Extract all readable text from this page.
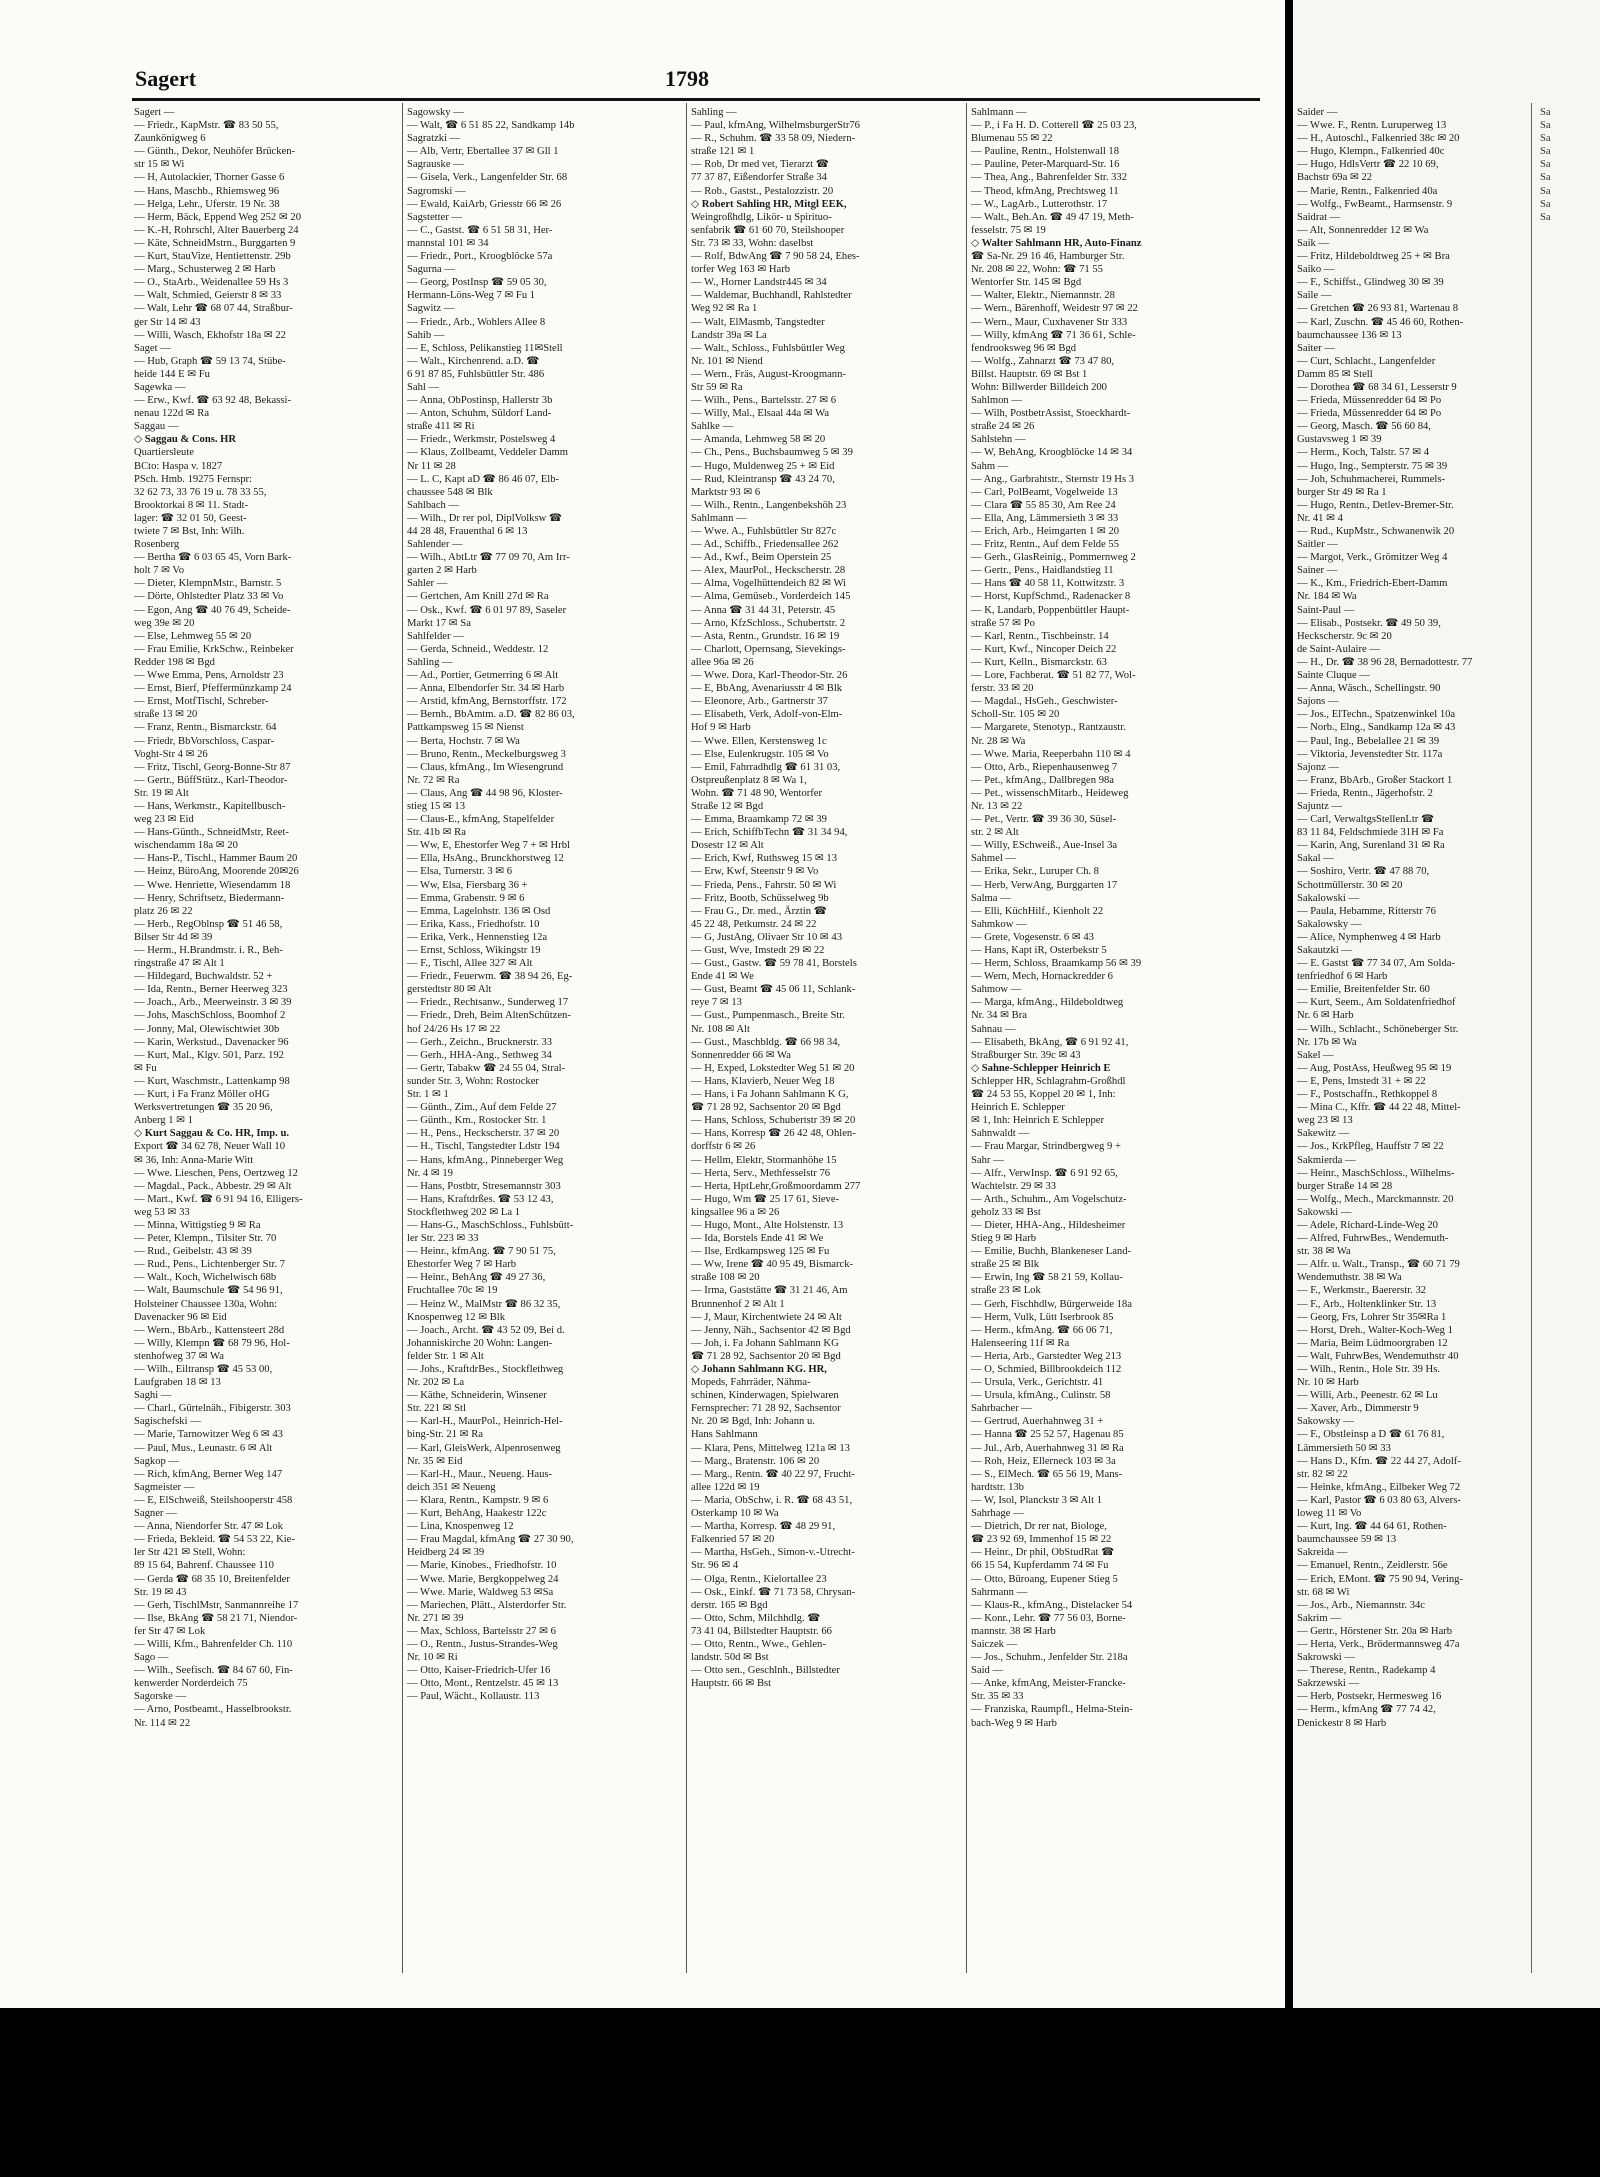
Sagert	1798
Sagert —
— Friedr., KapMstr. ☎ 83 50 55,
Zaunkönigweg 6
— Günth., Dekor, Neuhöfer Brücken-
str 15 ✉ Wi
— H, Autolackier, Thorner Gasse 6
— Hans, Maschb., Rhiemsweg 96
— Helga, Lehr., Uferstr. 19 Nr. 38
— Herm, Bäck, Eppend Weg 252 ✉ 20
— K.-H, Rohrschl, Alter Bauerberg 24
— Käte, SchneidMstrn., Burggarten 9
— Kurt, StauVize, Hentiettenstr. 29b
— Marg., Schusterweg 2 ✉ Harb
— O., StaArb., Weidenallee 59 Hs 3
— Walt, Schmied, Geierstr 8 ✉ 33
— Walt, Lehr ☎ 68 07 44, Straßbur-
ger Str 14 ✉ 43
— Willi, Wasch, Ekhofstr 18a ✉ 22
Saget —
— Hub, Graph ☎ 59 13 74, Stübe-
heide 144 E ✉ Fu
Sagewka —
— Erw., Kwf. ☎ 63 92 48, Bekassi-
nenau 122d ✉ Ra
Saggau —
◇ Saggau & Cons. HR
Quartiersleute
BCto: Haspa v. 1827
PSch. Hmb. 19275 Fernspr:
32 62 73, 33 76 19 u. 78 33 55,
Brooktorkai 8 ✉ 11. Stadt-
lager: ☎ 32 01 50, Geest-
twiete 7 ✉ Bst, Inh: Wilh.
Rosenberg
— Bertha ☎ 6 03 65 45, Vorn Bark-
holt 7 ✉ Vo
— Dieter, KlempnMstr., Barnstr. 5
— Dörte, Ohlstedter Platz 33 ✉ Vo
— Egon, Ang ☎ 40 76 49, Scheide-
weg 39e ✉ 20
— Else, Lehmweg 55 ✉ 20
— Frau Emilie, KrkSchw., Reinbeker
Redder 198 ✉ Bgd
— Wwe Emma, Pens, Arnoldstr 23
— Ernst, Bierf, Pfeffermünzkamp 24
— Ernst, MotfTischl, Schreber-
straße 13 ✉ 20
— Franz, Rentn., Bismarckstr. 64
— Friedr, BbVorschloss, Caspar-
Voght-Str 4 ✉ 26
— Fritz, Tischl, Georg-Bonne-Str 87
— Gertr., BüffStütz., Karl-Theodor-
Str. 19 ✉ Alt
— Hans, Werkmstr., Kapitellbusch-
weg 23 ✉ Eid
— Hans-Günth., SchneidMstr, Reet-
wischendamm 18a ✉ 20
— Hans-P., Tischl., Hammer Baum 20
— Heinz, BüroAng, Moorende 20✉26
— Wwe. Henriette, Wiesendamm 18
— Henry, Schriftsetz, Biedermann-
platz 26 ✉ 22
— Herb., RegOblnsp ☎ 51 46 58,
Bilser Str 4d ✉ 39
— Herm., H.Brandmstr. i. R., Beh-
ringstraße 47 ✉ Alt 1
— Hildegard, Buchwaldstr. 52 +
— Ida, Rentn., Berner Heerweg 323
— Joach., Arb., Meerweinstr. 3 ✉ 39
— Johs, MaschSchloss, Boomhof 2
— Jonny, Mal, Olewischtwiet 30b
— Karin, Werkstud., Davenacker 96
— Kurt, Mal., Klgv. 501, Parz. 192
✉ Fu
— Kurt, Waschmstr., Lattenkamp 98
— Kurt, i Fa Franz Möller oHG
Werksvertretungen ☎ 35 20 96,
Anberg 1 ✉ 1
◇ Kurt Saggau & Co. HR, Imp. u.
Export ☎ 34 62 78, Neuer Wall 10
✉ 36, Inh: Anna-Marie Witt
— Wwe. Lieschen, Pens, Oertzweg 12
— Magdal., Pack., Abbestr. 29 ✉ Alt
— Mart., Kwf. ☎ 6 91 94 16, Elligers-
weg 53 ✉ 33
— Minna, Wittigstieg 9 ✉ Ra
— Peter, Klempn., Tilsiter Str. 70
— Rud., Geibelstr. 43 ✉ 39
— Rud., Pens., Lichtenberger Str. 7
— Walt., Koch, Wichelwisch 68b
— Walt, Baumschule ☎ 54 96 91,
Holsteiner Chaussee 130a, Wohn:
Davenacker 96 ✉ Eid
— Wern., BbArb., Kattensteert 28d
— Willy, Klempn ☎ 68 79 96, Hol-
stenhofweg 37 ✉ Wa
— Wilh., Eiltransp ☎ 45 53 00,
Laufgraben 18 ✉ 13
Saghi —
— Charl., Gürtelnäh., Fibigerstr. 303
Sagischefski —
— Marie, Tarnowitzer Weg 6 ✉ 43
— Paul, Mus., Leunastr. 6 ✉ Alt
Sagkop —
— Rich, kfmAng, Berner Weg 147
Sagmeister —
— E, ElSchweiß, Steilshooperstr 458
Sagner —
— Anna, Niendorfer Str. 47 ✉ Lok
— Frieda, Bekleid. ☎ 54 53 22, Kie-
ler Str 421 ✉ Stell, Wohn:
89 15 64, Bahrenf. Chaussee 110
— Gerda ☎ 68 35 10, Breitenfelder
Str. 19 ✉ 43
— Gerh, TischlMstr, Sanmannreihe 17
— Ilse, BkAng ☎ 58 21 71, Niendor-
fer Str 47 ✉ Lok
— Willi, Kfm., Bahrenfelder Ch. 110
Sago —
— Wilh., Seefisch. ☎ 84 67 60, Fin-
kenwerder Norderdeich 75
Sagorske —
— Arno, Postbeamt., Hasselbrookstr.
Nr. 114 ✉ 22
Sagowsky —
— Walt, ☎ 6 51 85 22, Sandkamp 14b
Sagratzki —
— Alb, Vertr, Ebertallee 37 ✉ Gll 1
Sagrauske —
— Gisela, Verk., Langenfelder Str. 68
Sagromski —
— Ewald, KaiArb, Griesstr 66 ✉ 26
Sagstetter —
— C., Gastst. ☎ 6 51 58 31, Her-
mannstal 101 ✉ 34
— Friedr., Port., Kroogblöcke 57a
Sagurna —
— Georg, PostInsp ☎ 59 05 30,
Hermann-Löns-Weg 7 ✉ Fu 1
Sagwitz —
— Friedr., Arb., Wohlers Allee 8
Sahib —
— E, Schloss, Pelikanstieg 11✉Stell
— Walt., Kirchenrend. a.D. ☎
6 91 87 85, Fuhlsbüttler Str. 486
Sahl —
— Anna, ObPostinsp, Hallerstr 3b
— Anton, Schuhm, Süldorf Land-
straße 411 ✉ Ri
— Friedr., Werkmstr, Postelsweg 4
— Klaus, Zollbeamt, Veddeler Damm
Nr 11 ✉ 28
— L. C, Kapt aD ☎ 86 46 07, Elb-
chaussee 548 ✉ Blk
Sahlbach —
— Wilh., Dr rer pol, DiplVolksw ☎
44 28 48, Frauenthal 6 ✉ 13
Sahlender —
— Wilh., AbtLtr ☎ 77 09 70, Am Irr-
garten 2 ✉ Harb
Sahler —
— Gertchen, Am Knill 27d ✉ Ra
— Osk., Kwf. ☎ 6 01 97 89, Saseler
Markt 17 ✉ Sa
Sahlfelder —
— Gerda, Schneid., Weddestr. 12
Sahling —
— Ad., Portier, Getmerring 6 ✉ Alt
— Anna, Elbendorfer Str. 34 ✉ Harb
— Arstid, kfmAng, Bernstorffstr. 172
— Bernh., BbAmtm. a.D. ☎ 82 86 03,
Pattkampsweg 15 ✉ Nienst
— Berta, Hochstr. 7 ✉ Wa
— Bruno, Rentn., Meckelburgsweg 3
— Claus, kfmAng., Im Wiesengrund
Nr. 72 ✉ Ra
— Claus, Ang ☎ 44 98 96, Kloster-
stieg 15 ✉ 13
— Claus-E., kfmAng, Stapelfelder
Str. 41b ✉ Ra
— Ww, E, Ehestorfer Weg 7 + ✉ Hrbl
— Ella, HsAng., Brunckhorstweg 12
— Elsa, Turnerstr. 3 ✉ 6
— Ww, Elsa, Fiersbarg 36 +
— Emma, Grabenstr. 9 ✉ 6
— Emma, Lagelohstr. 136 ✉ Osd
— Erika, Kass., Friedhofstr. 10
— Erika, Verk., Hennenstieg 12a
— Ernst, Schloss, Wikingstr 19
— F., Tischl, Allee 327 ✉ Alt
— Friedr., Feuerwm. ☎ 38 94 26, Eg-
gerstedtstr 80 ✉ Alt
— Friedr., Rechtsanw., Sunderweg 17
— Friedr., Dreh, Beim AltenSchützen-
hof 24/26 Hs 17 ✉ 22
— Gerh., Zeichn., Brucknerstr. 33
— Gerh., HHA-Ang., Sethweg 34
— Gertr, Tabakw ☎ 24 55 04, Stral-
sunder Str. 3, Wohn: Rostocker
Str. 1 ✉ 1
— Günth., Zim., Auf dem Felde 27
— Günth., Km., Rostocker Str. 1
— H., Pens., Heckscherstr. 37 ✉ 20
— H., Tischl, Tangstedter Ldstr 194
— Hans, kfmAng., Pinneberger Weg
Nr. 4 ✉ 19
— Hans, Postbtr, Stresemannstr 303
— Hans, Kraftdrßes. ☎ 53 12 43,
Stockflethweg 202 ✉ La 1
— Hans-G., MaschSchloss., Fuhlsbütt-
ler Str. 223 ✉ 33
— Heinr., kfmAng. ☎ 7 90 51 75,
Ehestorfer Weg 7 ✉ Harb
— Heinr., BehAng ☎ 49 27 36,
Fruchtallee 70c ✉ 19
— Heinz W., MalMstr ☎ 86 32 35,
Knospenweg 12 ✉ Blk
— Joach., Archt. ☎ 43 52 09, Bei d.
Johanniskirche 20 Wohn: Langen-
felder Str. 1 ✉ Alt
— Johs., KraftdrBes., Stockflethweg
Nr. 202 ✉ La
— Käthe, Schneiderin, Winsener
Str. 221 ✉ Stl
— Karl-H., MaurPol., Heinrich-Hel-
bing-Str. 21 ✉ Ra
— Karl, GleisWerk, Alpenrosenweg
Nr. 35 ✉ Eid
— Karl-H., Maur., Neueng. Haus-
deich 351 ✉ Neueng
— Klara, Rentn., Kampstr. 9 ✉ 6
— Kurt, BehAng, Haakestr 122c
— Lina, Knospenweg 12
— Frau Magdal, kfmAng ☎ 27 30 90,
Heidberg 24 ✉ 39
— Marie, Kinobes., Friedhofstr. 10
— Wwe. Marie, Bergkoppelweg 24
— Wwe. Marie, Waldweg 53 ✉Sa
— Mariechen, Plätt., Alsterdorfer Str.
Nr. 271 ✉ 39
— Max, Schloss, Bartelsstr 27 ✉ 6
— O., Rentn., Justus-Strandes-Weg
Nr. 10 ✉ Ri
— Otto, Kaiser-Friedrich-Ufer 16
— Otto, Mont., Rentzelstr. 45 ✉ 13
— Paul, Wächt., Kollaustr. 113
Sahling —
— Paul, kfmAng, WilhelmsburgerStr76
— R., Schuhm. ☎ 33 58 09, Niedern-
straße 121 ✉ 1
— Rob, Dr med vet, Tierarzt ☎
77 37 87, Eißendorfer Straße 34
— Rob., Gastst., Pestalozzistr. 20
◇ Robert Sahling HR, Mitgl EEK,
Weingroßhdlg, Likör- u Spirituo-
senfabrik ☎ 61 60 70, Steilshooper
Str. 73 ✉ 33, Wohn: daselbst
— Rolf, BdwAng ☎ 7 90 58 24, Ehes-
torfer Weg 163 ✉ Harb
— W., Horner Landstr445 ✉ 34
— Waldemar, Buchhandl, Rahlstedter
Weg 92 ✉ Ra 1
— Walt, ElMasmb, Tangstedter
Landstr 39a ✉ La
— Walt., Schloss., Fuhlsbüttler Weg
Nr. 101 ✉ Niend
— Wern., Fräs, August-Kroogmann-
Str 59 ✉ Ra
— Wilh., Pens., Bartelsstr. 27 ✉ 6
— Willy, Mal., Elsaal 44a ✉ Wa
Sahlke —
— Amanda, Lehmweg 58 ✉ 20
— Ch., Pens., Buchsbaumweg 5 ✉ 39
— Hugo, Muldenweg 25 + ✉ Eid
— Rud, Kleintransp ☎ 43 24 70,
Marktstr 93 ✉ 6
— Wilh., Rentn., Langenbekshöh 23
Sahlmann —
— Wwe. A., Fuhlsbüttler Str 827c
— Ad., Schiffb., Friedensallee 262
— Ad., Kwf., Beim Operstein 25
— Alex, MaurPol., Heckscherstr. 28
— Alma, Vogelhüttendeich 82 ✉ Wi
— Alma, Gemüseb., Vorderdeich 145
— Anna ☎ 31 44 31, Peterstr. 45
— Arno, KfzSchloss., Schubertstr. 2
— Asta, Rentn., Grundstr. 16 ✉ 19
— Charlott, Opernsang, Sievekings-
allee 96a ✉ 26
— Wwe. Dora, Karl-Theodor-Str. 26
— E, BbAng, Avenariusstr 4 ✉ Blk
— Eleonore, Arb., Gartnerstr 37
— Elisabeth, Verk, Adolf-von-Elm-
Hof 9 ✉ Harb
— Wwe. Ellen, Kerstensweg 1c
— Else, Eulenkrugstr. 105 ✉ Vo
— Emil, Fahrradhdlg ☎ 61 31 03,
Ostpreußenplatz 8 ✉ Wa 1,
Wohn. ☎ 71 48 90, Wentorfer
Straße 12 ✉ Bgd
— Emma, Braamkamp 72 ✉ 39
— Erich, SchiffbTechn ☎ 31 34 94,
Dosestr 12 ✉ Alt
— Erich, Kwf, Ruthsweg 15 ✉ 13
— Erw, Kwf, Steenstr 9 ✉ Vo
— Frieda, Pens., Fahrstr. 50 ✉ Wi
— Fritz, Bootb, Schüsselweg 9b
— Frau G., Dr. med., Ärztin ☎
45 22 48, Petkumstr. 24 ✉ 22
— G, JustAng, Olivaer Str 10 ✉ 43
— Gust, Wve, Imstedt 29 ✉ 22
— Gust., Gastw. ☎ 59 78 41, Borstels
Ende 41 ✉ We
— Gust, Beamt ☎ 45 06 11, Schlank-
reye 7 ✉ 13
— Gust., Pumpenmasch., Breite Str.
Nr. 108 ✉ Alt
— Gust., Maschbldg. ☎ 66 98 34,
Sonnenredder 66 ✉ Wa
— H, Exped, Lokstedter Weg 51 ✉ 20
— Hans, Klavierb, Neuer Weg 18
— Hans, i Fa Johann Sahlmann K G,
☎ 71 28 92, Sachsentor 20 ✉ Bgd
— Hans, Schloss, Schubertstr 39 ✉ 20
— Hans, Korresp ☎ 26 42 48, Ohlen-
dorffstr 6 ✉ 26
— Hellm, Elektr, Stormanhöhe 15
— Herta, Serv., Methfesselstr 76
— Herta, HptLehr,Großmoordamm 277
— Hugo, Wm ☎ 25 17 61, Sieve-
kingsallee 96 a ✉ 26
— Hugo, Mont., Alte Holstenstr. 13
— Ida, Borstels Ende 41 ✉ We
— Ilse, Erdkampsweg 125 ✉ Fu
— Ww, Irene ☎ 40 95 49, Bismarck-
straße 108 ✉ 20
— Irma, Gaststätte ☎ 31 21 46, Am
Brunnenhof 2 ✉ Alt 1
— J, Maur, Kirchentwiete 24 ✉ Alt
— Jenny, Näh., Sachsentor 42 ✉ Bgd
— Joh, i. Fa Johann Sahlmann KG
☎ 71 28 92, Sachsentor 20 ✉ Bgd
◇ Johann Sahlmann KG. HR,
Mopeds, Fahrräder, Nähma-
schinen, Kinderwagen, Spielwaren
Fernsprecher: 71 28 92, Sachsentor
Nr. 20 ✉ Bgd, Inh: Johann u.
Hans Sahlmann
— Klara, Pens, Mittelweg 121a ✉ 13
— Marg., Bratenstr. 106 ✉ 20
— Marg., Rentn. ☎ 40 22 97, Frucht-
allee 122d ✉ 19
— Maria, ObSchw, i. R. ☎ 68 43 51,
Osterkamp 10 ✉ Wa
— Martha, Korresp. ☎ 48 29 91,
Falkenried 57 ✉ 20
— Martha, HsGeh., Simon-v.-Utrecht-
Str. 96 ✉ 4
— Olga, Rentn., Kielortallee 23
— Osk., Einkf. ☎ 71 73 58, Chrysan-
derstr. 165 ✉ Bgd
— Otto, Schm, Milchhdlg. ☎
73 41 04, Billstedter Hauptstr. 66
— Otto, Rentn., Wwe., Gehlen-
landstr. 50d ✉ Bst
— Otto sen., Geschlnh., Billstedter
Hauptstr. 66 ✉ Bst
Sahlmann —
— P., i Fa H. D. Cotterell ☎ 25 03 23,
Blumenau 55 ✉ 22
— Pauline, Rentn., Holstenwall 18
— Pauline, Peter-Marquard-Str. 16
— Thea, Ang., Bahrenfelder Str. 332
— Theod, kfmAng, Prechtsweg 11
— W., LagArb., Lutterothstr. 17
— Walt., Beh.An. ☎ 49 47 19, Meth-
fesselstr. 75 ✉ 19
◇ Walter Sahlmann HR, Auto-Finanz
☎ Sa-Nr. 29 16 46, Hamburger Str.
Nr. 208 ✉ 22, Wohn: ☎ 71 55
Wentorfer Str. 145 ✉ Bgd
— Walter, Elektr., Niemannstr. 28
— Wern., Bärenhoff, Weidestr 97 ✉ 22
— Wern., Maur, Cuxhavener Str 333
— Willy, kfmAng ☎ 71 36 61, Schle-
fendrooksweg 96 ✉ Bgd
— Wolfg., Zahnarzt ☎ 73 47 80,
Billst. Hauptstr. 69 ✉ Bst 1
Wohn: Billwerder Billdeich 200
Sahlmon —
— Wilh, PostbetrAssist, Stoeckhardt-
straße 24 ✉ 26
Sahlstehn —
— W, BehAng, Kroogblöcke 14 ✉ 34
Sahm —
— Ang., Garbrahtstr., Sternstr 19 Hs 3
— Carl, PolBeamt, Vogelweide 13
— Clara ☎ 55 85 30, Am Ree 24
— Ella, Ang, Lämmersieth 3 ✉ 33
— Erich, Arb., Heimgarten 1 ✉ 20
— Fritz, Rentn., Auf dem Felde 55
— Gerh., GlasReinig., Pommernweg 2
— Gertr., Pens., Haidlandstieg 11
— Hans ☎ 40 58 11, Kottwitzstr. 3
— Horst, KupfSchmd., Radenacker 8
— K, Landarb, Poppenbüttler Haupt-
straße 57 ✉ Po
— Karl, Rentn., Tischbeinstr. 14
— Kurt, Kwf., Nincoper Deich 22
— Kurt, Kelln., Bismarckstr. 63
— Lore, Fachberat. ☎ 51 82 77, Wol-
ferstr. 33 ✉ 20
— Magdal., HsGeh., Geschwister-
Scholl-Str. 105 ✉ 20
— Margarete, Stenotyp., Rantzaustr.
Nr. 28 ✉ Wa
— Wwe. Maria, Reeperbahn 110 ✉ 4
— Otto, Arb., Riepenhausenweg 7
— Pet., kfmAng., Dallbregen 98a
— Pet., wissenschMitarb., Heideweg
Nr. 13 ✉ 22
— Pet., Vertr. ☎ 39 36 30, Süsel-
str. 2 ✉ Alt
— Willy, ESchweiß., Aue-Insel 3a
Sahmel —
— Erika, Sekr., Luruper Ch. 8
— Herb, VerwAng, Burggarten 17
Salma —
— Elli, KüchHilf., Kienholt 22
Sahmkow —
— Grete, Vogesenstr. 6 ✉ 43
— Hans, Kapt iR, Osterbekstr 5
— Herm, Schloss, Braamkamp 56 ✉ 39
— Wern, Mech, Hornackredder 6
Sahmow —
— Marga, kfmAng., Hildeboldtweg
Nr. 34 ✉ Bra
Sahnau —
— Elisabeth, BkAng, ☎ 6 91 92 41,
Straßburger Str. 39c ✉ 43
◇ Sahne-Schlepper Heinrich E
Schlepper HR, Schlagrahm-Großhdl
☎ 24 53 55, Koppel 20 ✉ 1, Inh:
Heinrich E. Schlepper
✉ 1, Inh: Heinrich E Schlepper
Sahnwaldt —
— Frau Margar, Strindbergweg 9 +
Sahr —
— Alfr., VerwInsp. ☎ 6 91 92 65,
Wachtelstr. 29 ✉ 33
— Arth., Schuhm., Am Vogelschutz-
geholz 33 ✉ Bst
— Dieter, HHA-Ang., Hildesheimer
Stieg 9 ✉ Harb
— Emilie, Buchh, Blankeneser Land-
straße 25 ✉ Blk
— Erwin, Ing ☎ 58 21 59, Kollau-
straße 23 ✉ Lok
— Gerh, Fischhdlw, Bürgerweide 18a
— Herm, Vulk, Lütt Iserbrook 85
— Herm., kfmAng. ☎ 66 06 71,
Halenseering 11f ✉ Ra
— Herta, Arb., Garstedter Weg 213
— O, Schmied, Billbrookdeich 112
— Ursula, Verk., Gerichtstr. 41
— Ursula, kfmAng., Culinstr. 58
Sahrbacher —
— Gertrud, Auerhahnweg 31 +
— Hanna ☎ 25 52 57, Hagenau 85
— Jul., Arb, Auerhahnweg 31 ✉ Ra
— Roh, Heiz, Ellerneck 103 ✉ 3a
— S., ElMech. ☎ 65 56 19, Mans-
hardtstr. 13b
— W, Isol, Planckstr 3 ✉ Alt 1
Sahrhage —
— Dietrich, Dr rer nat, Biologe,
☎ 23 92 69, Immenhof 15 ✉ 22
— Heinr., Dr phil, ObStudRat ☎
66 15 54, Kupferdamm 74 ✉ Fu
— Otto, Büroang, Eupener Stieg 5
Sahrmann —
— Klaus-R., kfmAng., Distelacker 54
— Konr., Lehr. ☎ 77 56 03, Borne-
mannstr. 38 ✉ Harb
Saiczek —
— Jos., Schuhm., Jenfelder Str. 218a
Said —
— Anke, kfmAng, Meister-Francke-
Str. 35 ✉ 33
— Franziska, Raumpfl., Helma-Stein-
bach-Weg 9 ✉ Harb
Saider —
— Wwe. F., Rentn. Luruperweg 13
— H., Autoschl., Falkenried 38c ✉ 20
— Hugo, Klempn., Falkenried 40c
— Hugo, HdlsVertr ☎ 22 10 69,
Bachstr 69a ✉ 22
— Marie, Rentn., Falkenried 40a
— Wolfg., FwBeamt., Harmsenstr. 9
Saidrat —
— Alt, Sonnenredder 12 ✉ Wa
Saik —
— Fritz, Hildeboldtweg 25 + ✉ Bra
Saiko —
— F., Schiffst., Glindweg 30 ✉ 39
Saile —
— Gretchen ☎ 26 93 81, Wartenau 8
— Karl, Zuschn. ☎ 45 46 60, Rothen-
baumchaussee 136 ✉ 13
Saiter —
— Curt, Schlacht., Langenfelder
Damm 85 ✉ Stell
— Dorothea ☎ 68 34 61, Lesserstr 9
— Frieda, Müssenredder 64 ✉ Po
— Frieda, Müssenredder 64 ✉ Po
— Georg, Masch. ☎ 56 60 84,
Gustavsweg 1 ✉ 39
— Herm., Koch, Talstr. 57 ✉ 4
— Hugo, Ing., Sempterstr. 75 ✉ 39
— Joh, Schuhmacherei, Rummels-
burger Str 49 ✉ Ra 1
— Hugo, Rentn., Detlev-Bremer-Str.
Nr. 41 ✉ 4
— Rud., KupMstr., Schwanenwik 20
Saitler —
— Margot, Verk., Grömitzer Weg 4
Sainer —
— K., Km., Friedrich-Ebert-Damm
Nr. 184 ✉ Wa
Saint-Paul —
— Elisab., Postsekr. ☎ 49 50 39,
Heckscherstr. 9c ✉ 20
de Saint-Aulaire —
— H., Dr. ☎ 38 96 28, Bernadottestr. 77
Sainte Cluque —
— Anna, Wäsch., Schellingstr. 90
Sajons —
— Jos., ElTechn., Spatzenwinkel 10a
— Norb., Elng., Sandkamp 12a ✉ 43
— Paul, Ing., Bebelallee 21 ✉ 39
— Viktoria, Jevenstedter Str. 117a
Sajonz —
— Franz, BbArb., Großer Stackort 1
— Frieda, Rentn., Jägerhofstr. 2
Sajuntz —
— Carl, VerwaltgsStellenLtr ☎
83 11 84, Feldschmiede 31H ✉ Fa
— Karin, Ang, Surenland 31 ✉ Ra
Sakal —
— Soshiro, Vertr. ☎ 47 88 70,
Schottmüllerstr. 30 ✉ 20
Sakalowski —
— Paula, Hebamme, Ritterstr 76
Sakalowsky —
— Alice, Nymphenweg 4 ✉ Harb
Sakautzki —
— E. Gastst ☎ 77 34 07, Am Solda-
tenfriedhof 6 ✉ Harb
— Emilie, Breitenfelder Str. 60
— Kurt, Seem., Am Soldatenfriedhof
Nr. 6 ✉ Harb
— Wilh., Schlacht., Schöneberger Str.
Nr. 17b ✉ Wa
Sakel —
— Aug, PostAss, Heußweg 95 ✉ 19
— E, Pens, Imstedt 31 + ✉ 22
— F., Postschaffn., Rethkoppel 8
— Mina C., Kffr. ☎ 44 22 48, Mittel-
weg 23 ✉ 13
Sakewitz —
— Jos., KrkPfleg, Hauffstr 7 ✉ 22
Sakmierda —
— Heinr., MaschSchloss., Wilhelms-
burger Straße 14 ✉ 28
— Wolfg., Mech., Marckmannstr. 20
Sakowski —
— Adele, Richard-Linde-Weg 20
— Alfred, FuhrwBes., Wendemuth-
str. 38 ✉ Wa
— Alfr. u. Walt., Transp., ☎ 60 71 79
Wendemuthstr. 38 ✉ Wa
— F., Werkmstr., Baererstr. 32
— F., Arb., Holtenklinker Str. 13
— Georg, Frs, Lohrer Str 35✉Ra 1
— Horst, Dreh., Walter-Koch-Weg 1
— Maria, Beim Lüdmoorgraben 12
— Walt, FuhrwBes, Wendemuthstr 40
— Wilh., Rentn., Hole Str. 39 Hs.
Nr. 10 ✉ Harb
— Willi, Arb., Peenestr. 62 ✉ Lu
— Xaver, Arb., Dimmerstr 9
Sakowsky —
— F., Obstleinsp a D ☎ 61 76 81,
Lämmersieth 50 ✉ 33
— Hans D., Kfm. ☎ 22 44 27, Adolf-
str. 82 ✉ 22
— Heinke, kfmAng., Eilbeker Weg 72
— Karl, Pastor ☎ 6 03 80 63, Alvers-
loweg 11 ✉ Vo
— Kurt, Ing. ☎ 44 64 61, Rothen-
baumchaussee 59 ✉ 13
Sakreida —
— Emanuel, Rentn., Zeidlerstr. 56e
— Erich, EMont. ☎ 75 90 94, Vering-
str. 68 ✉ Wi
— Jos., Arb., Niemannstr. 34c
Sakrim —
— Gertr., Hörstener Str. 20a ✉ Harb
— Herta, Verk., Brödermannsweg 47a
Sakrowski —
— Therese, Rentn., Radekamp 4
Sakrzewski —
— Herb, Postsekr, Hermesweg 16
— Herm., kfmAng ☎ 77 74 42,
Denickestr 8 ✉ Harb
Sa
Sa
Sa
Sa
Sa
Sa
Sa
Sa
Sa
